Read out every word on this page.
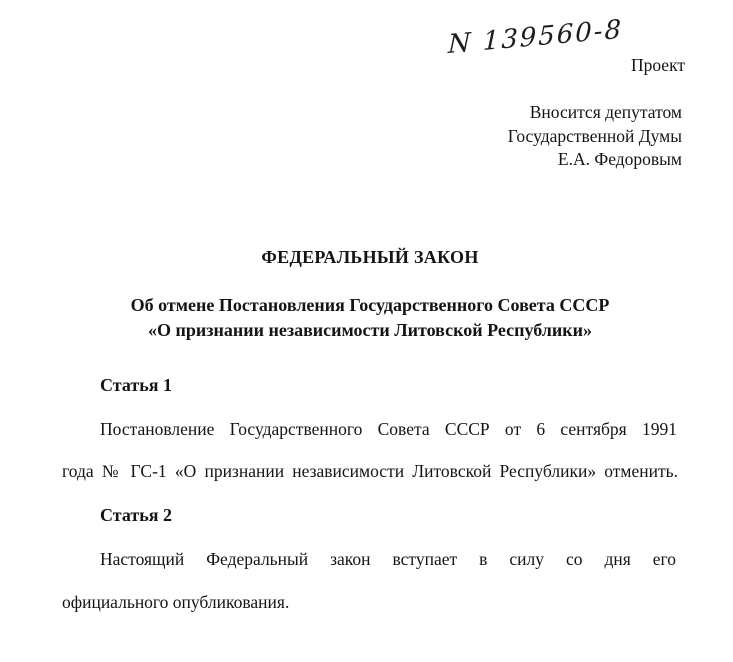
N 139560-8
Проект
Вносится депутатом
Государственной Думы
Е.А. Федоровым
ФЕДЕРАЛЬНЫЙ ЗАКОН
Об отмене Постановления Государственного Совета СССР
«О признании независимости Литовской Республики»
Статья 1
Постановление Государственного Совета СССР от 6 сентября 1991
года № ГС-1 «О признании независимости Литовской Республики» отменить.
Статья 2
Настоящий Федеральный закон вступает в силу со дня его
официального опубликования.
